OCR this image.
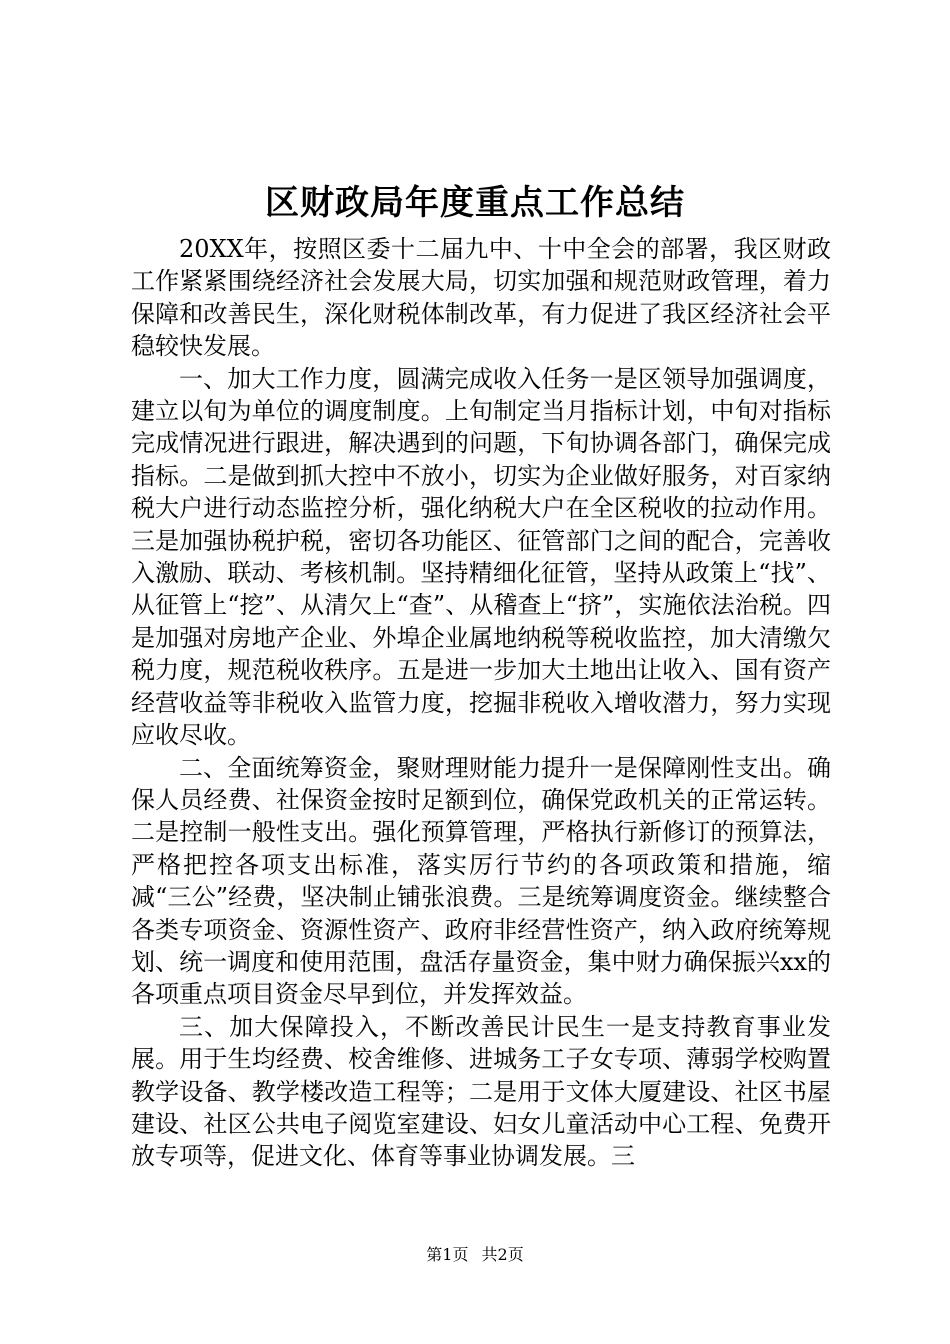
区财政局年度重点工作总结

20XX年，按照区委十二届九中、十中全会的部署，我区财政工作紧紧围绕经济社会发展大局，切实加强和规范财政管理，着力保障和改善民生，深化财税体制改革，有力促进了我区经济社会平稳较快发展。

一、加大工作力度，圆满完成收入任务一是区领导加强调度，建立以旬为单位的调度制度。上旬制定当月指标计划，中旬对指标完成情况进行跟进，解决遇到的问题，下旬协调各部门，确保完成指标。二是做到抓大控中不放小，切实为企业做好服务，对百家纳税大户进行动态监控分析，强化纳税大户在全区税收的拉动作用。三是加强协税护税，密切各功能区、征管部门之间的配合，完善收入激励、联动、考核机制。坚持精细化征管，坚持从政策上“找”、从征管上“挖”、从清欠上“查”、从稽查上“挤”，实施依法治税。四是加强对房地产企业、外埠企业属地纳税等税收监控，加大清缴欠税力度，规范税收秩序。五是进一步加大土地出让收入、国有资产经营收益等非税收入监管力度，挖掘非税收入增收潜力，努力实现应收尽收。

二、全面统筹资金，聚财理财能力提升一是保障刚性支出。确保人员经费、社保资金按时足额到位，确保党政机关的正常运转。二是控制一般性支出。强化预算管理，严格执行新修订的预算法，严格把控各项支出标准，落实厉行节约的各项政策和措施，缩减“三公”经费，坚决制止铺张浪费。三是统筹调度资金。继续整合各类专项资金、资源性资产、政府非经营性资产，纳入政府统筹规划、统一调度和使用范围，盘活存量资金，集中财力确保振兴xx的各项重点项目资金尽早到位，并发挥效益。

三、加大保障投入，不断改善民计民生一是支持教育事业发展。用于生均经费、校舍维修、进城务工子女专项、薄弱学校购置教学设备、教学楼改造工程等；二是用于文体大厦建设、社区书屋建设、社区公共电子阅览室建设、妇女儿童活动中心工程、免费开放专项等，促进文化、体育等事业协调发展。三

第1页 共2页
